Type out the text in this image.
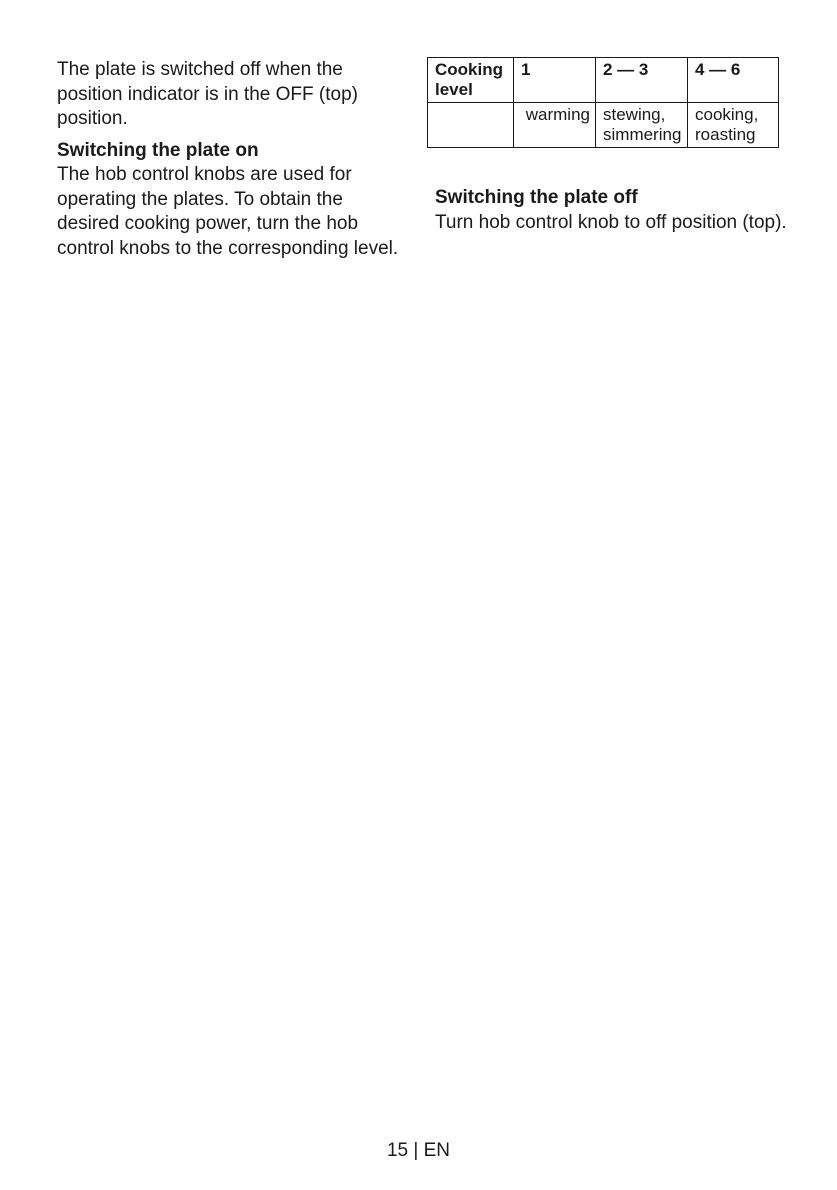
The plate is switched off when the position indicator is in the OFF (top) position.

Switching the plate on

The hob control knobs are used for operating the plates. To obtain the desired cooking power, turn the hob control knobs to the corresponding level.

Cooking level	1	2 — 3	4 — 6
	warming	stewing, simmering	cooking, roasting

Switching the plate off

Turn hob control knob to off position (top).

15 | EN
